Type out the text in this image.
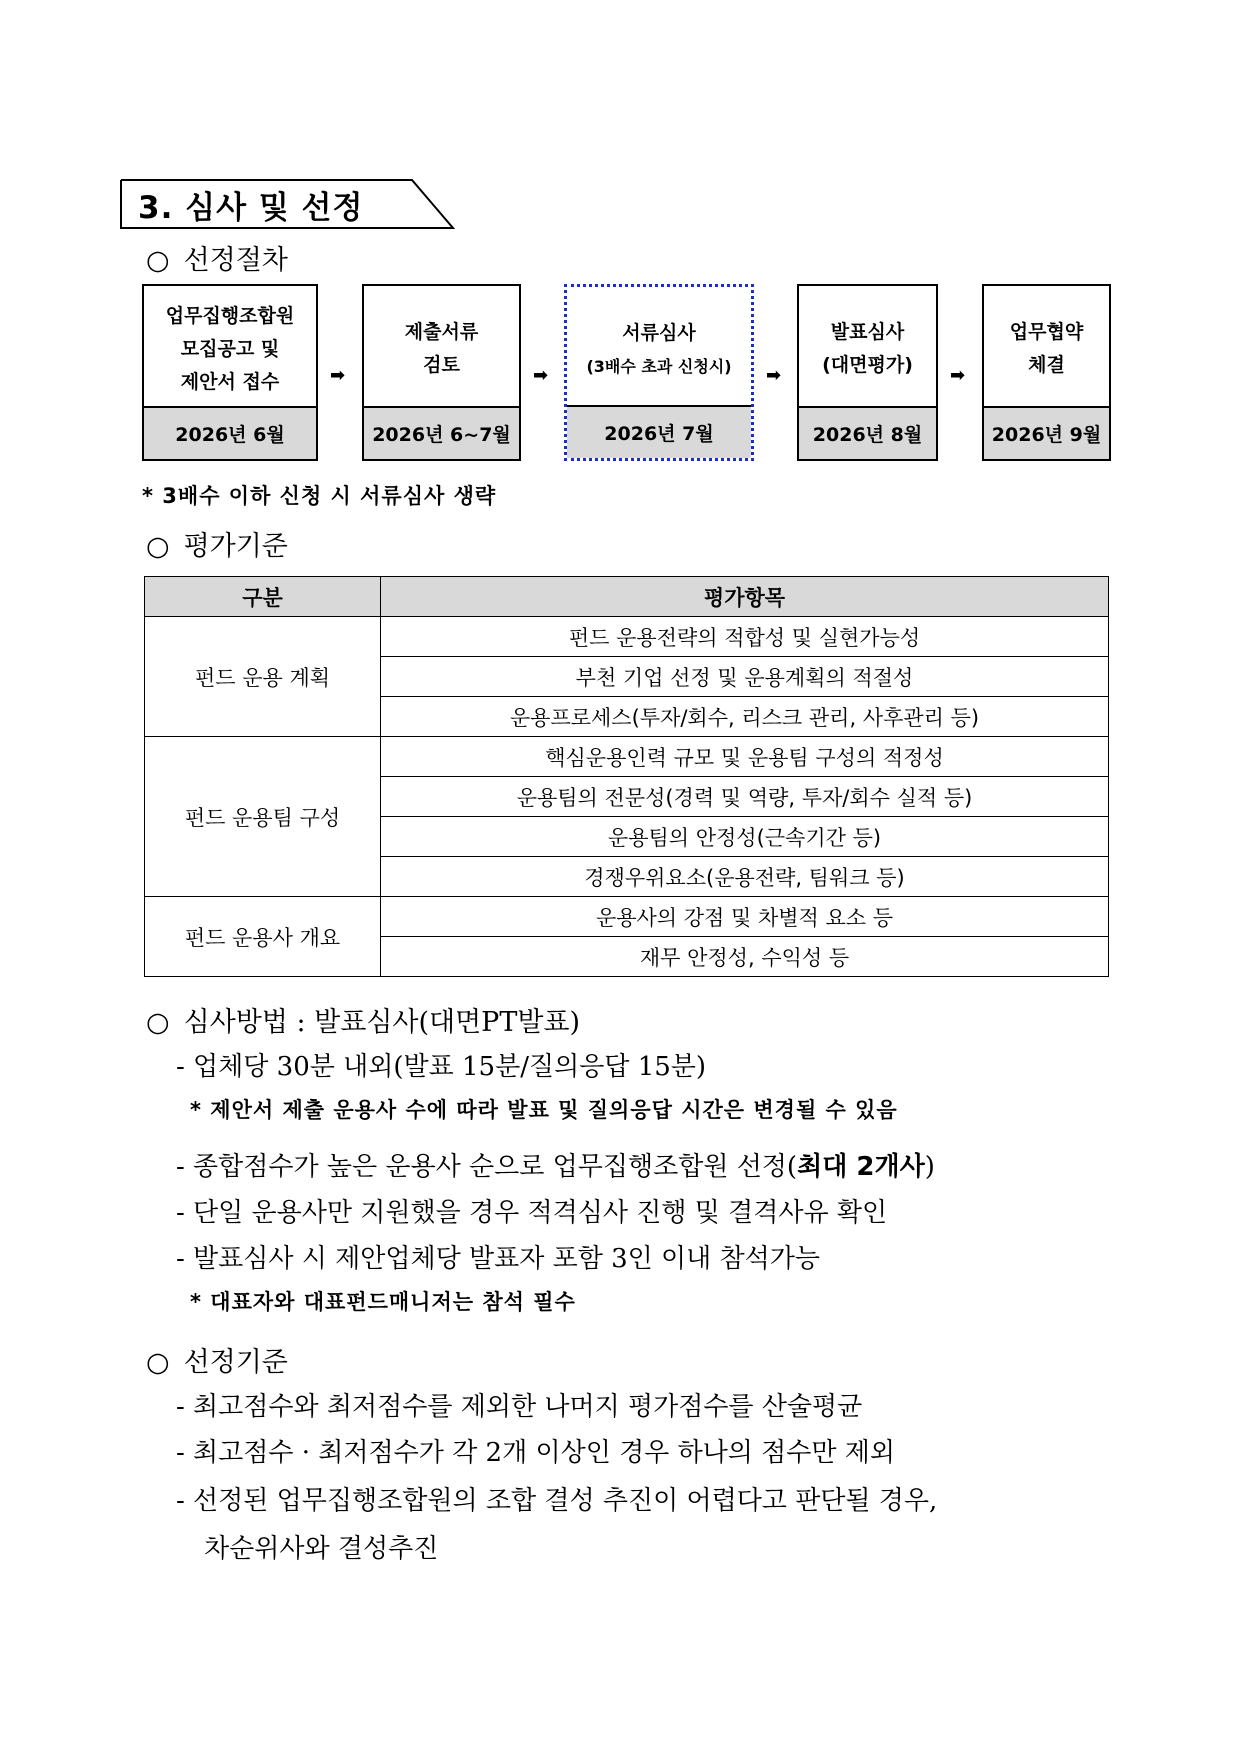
3. 심사 및 선정
○ 선정절차
업무집행조합원
모집공고 및
제안서 접수
2026년 6월
➡
제출서류
검토
2026년 6~7월
➡
서류심사
(3배수 초과 신청시)
2026년 7월
➡
발표심사
(대면평가)
2026년 8월
➡
업무협약
체결
2026년 9월
* 3배수 이하 신청 시 서류심사 생략
○ 평가기준
구분	평가항목
펀드 운용 계획	펀드 운용전략의 적합성 및 실현가능성
	부천 기업 선정 및 운용계획의 적절성
	운용프로세스(투자/회수, 리스크 관리, 사후관리 등)
펀드 운용팀 구성	핵심운용인력 규모 및 운용팀 구성의 적정성
	운용팀의 전문성(경력 및 역량, 투자/회수 실적 등)
	운용팀의 안정성(근속기간 등)
	경쟁우위요소(운용전략, 팀워크 등)
펀드 운용사 개요	운용사의 강점 및 차별적 요소 등
	재무 안정성, 수익성 등
○ 심사방법 : 발표심사(대면PT발표)
- 업체당 30분 내외(발표 15분/질의응답 15분)
* 제안서 제출 운용사 수에 따라 발표 및 질의응답 시간은 변경될 수 있음
- 종합점수가 높은 운용사 순으로 업무집행조합원 선정(최대 2개사)
- 단일 운용사만 지원했을 경우 적격심사 진행 및 결격사유 확인
- 발표심사 시 제안업체당 발표자 포함 3인 이내 참석가능
* 대표자와 대표펀드매니저는 참석 필수
○ 선정기준
- 최고점수와 최저점수를 제외한 나머지 평가점수를 산술평균
- 최고점수 · 최저점수가 각 2개 이상인 경우 하나의 점수만 제외
- 선정된 업무집행조합원의 조합 결성 추진이 어렵다고 판단될 경우,
차순위사와 결성추진
